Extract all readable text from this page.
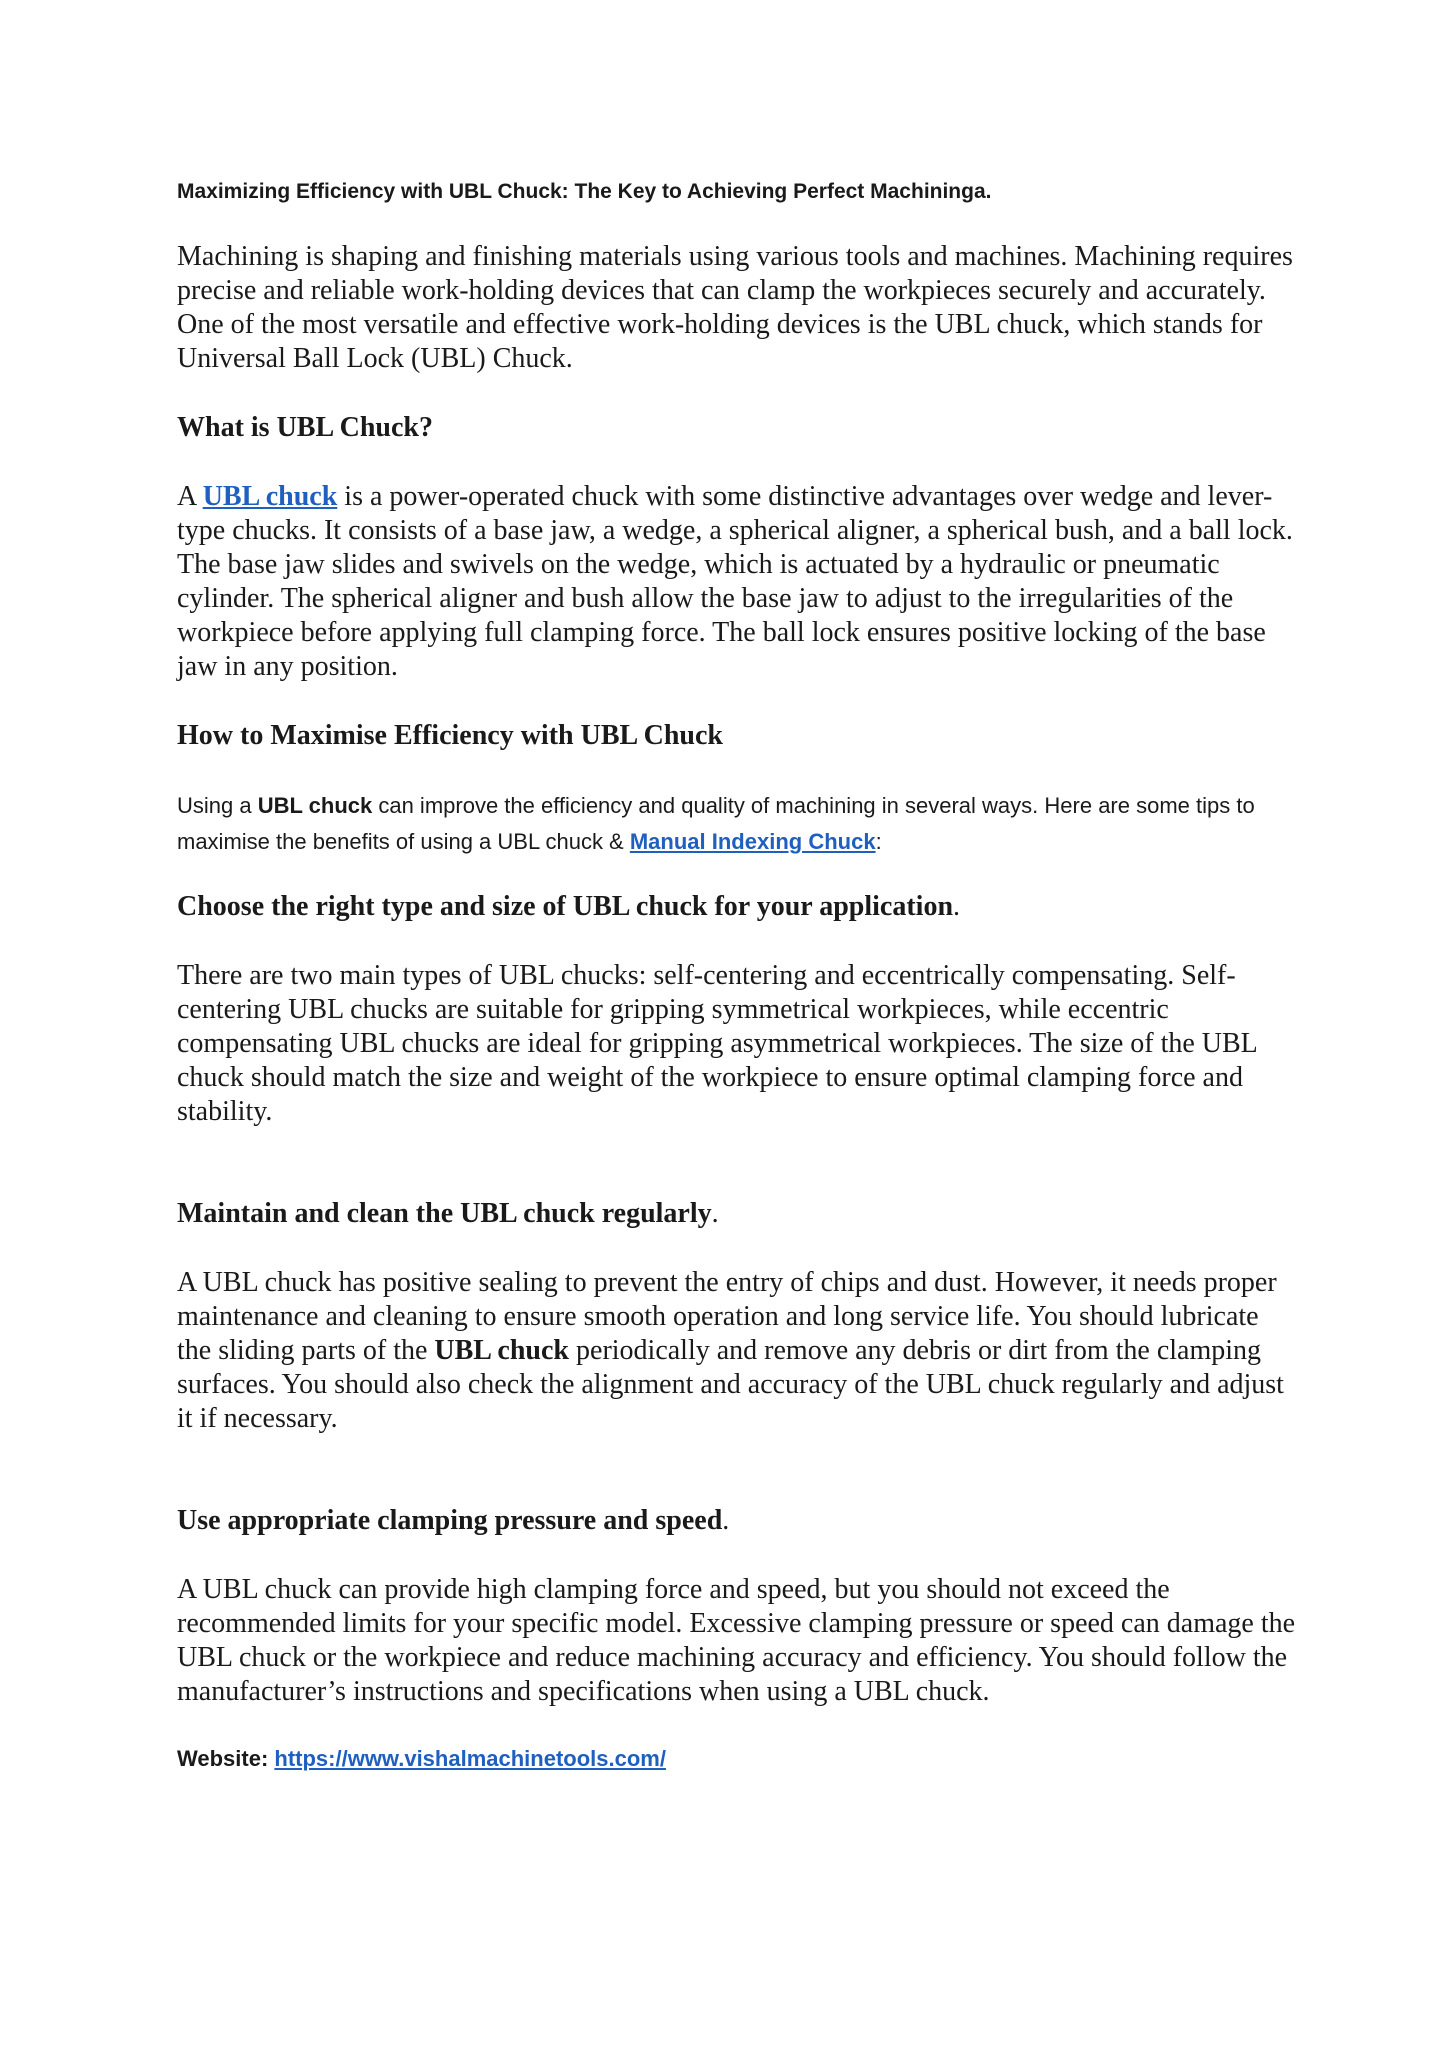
Maximizing Efficiency with UBL Chuck: The Key to Achieving Perfect Machininga.

Machining is shaping and finishing materials using various tools and machines. Machining requires precise and reliable work-holding devices that can clamp the workpieces securely and accurately. One of the most versatile and effective work-holding devices is the UBL chuck, which stands for Universal Ball Lock (UBL) Chuck.

What is UBL Chuck?

A UBL chuck is a power-operated chuck with some distinctive advantages over wedge and lever-type chucks. It consists of a base jaw, a wedge, a spherical aligner, a spherical bush, and a ball lock. The base jaw slides and swivels on the wedge, which is actuated by a hydraulic or pneumatic cylinder. The spherical aligner and bush allow the base jaw to adjust to the irregularities of the workpiece before applying full clamping force. The ball lock ensures positive locking of the base jaw in any position.

How to Maximise Efficiency with UBL Chuck

Using a UBL chuck can improve the efficiency and quality of machining in several ways. Here are some tips to maximise the benefits of using a UBL chuck & Manual Indexing Chuck:

Choose the right type and size of UBL chuck for your application.

There are two main types of UBL chucks: self-centering and eccentrically compensating. Self-centering UBL chucks are suitable for gripping symmetrical workpieces, while eccentric compensating UBL chucks are ideal for gripping asymmetrical workpieces. The size of the UBL chuck should match the size and weight of the workpiece to ensure optimal clamping force and stability.

Maintain and clean the UBL chuck regularly.

A UBL chuck has positive sealing to prevent the entry of chips and dust. However, it needs proper maintenance and cleaning to ensure smooth operation and long service life. You should lubricate the sliding parts of the UBL chuck periodically and remove any debris or dirt from the clamping surfaces. You should also check the alignment and accuracy of the UBL chuck regularly and adjust it if necessary.

Use appropriate clamping pressure and speed.

A UBL chuck can provide high clamping force and speed, but you should not exceed the recommended limits for your specific model. Excessive clamping pressure or speed can damage the UBL chuck or the workpiece and reduce machining accuracy and efficiency. You should follow the manufacturer’s instructions and specifications when using a UBL chuck.

Website: https://www.vishalmachinetools.com/
